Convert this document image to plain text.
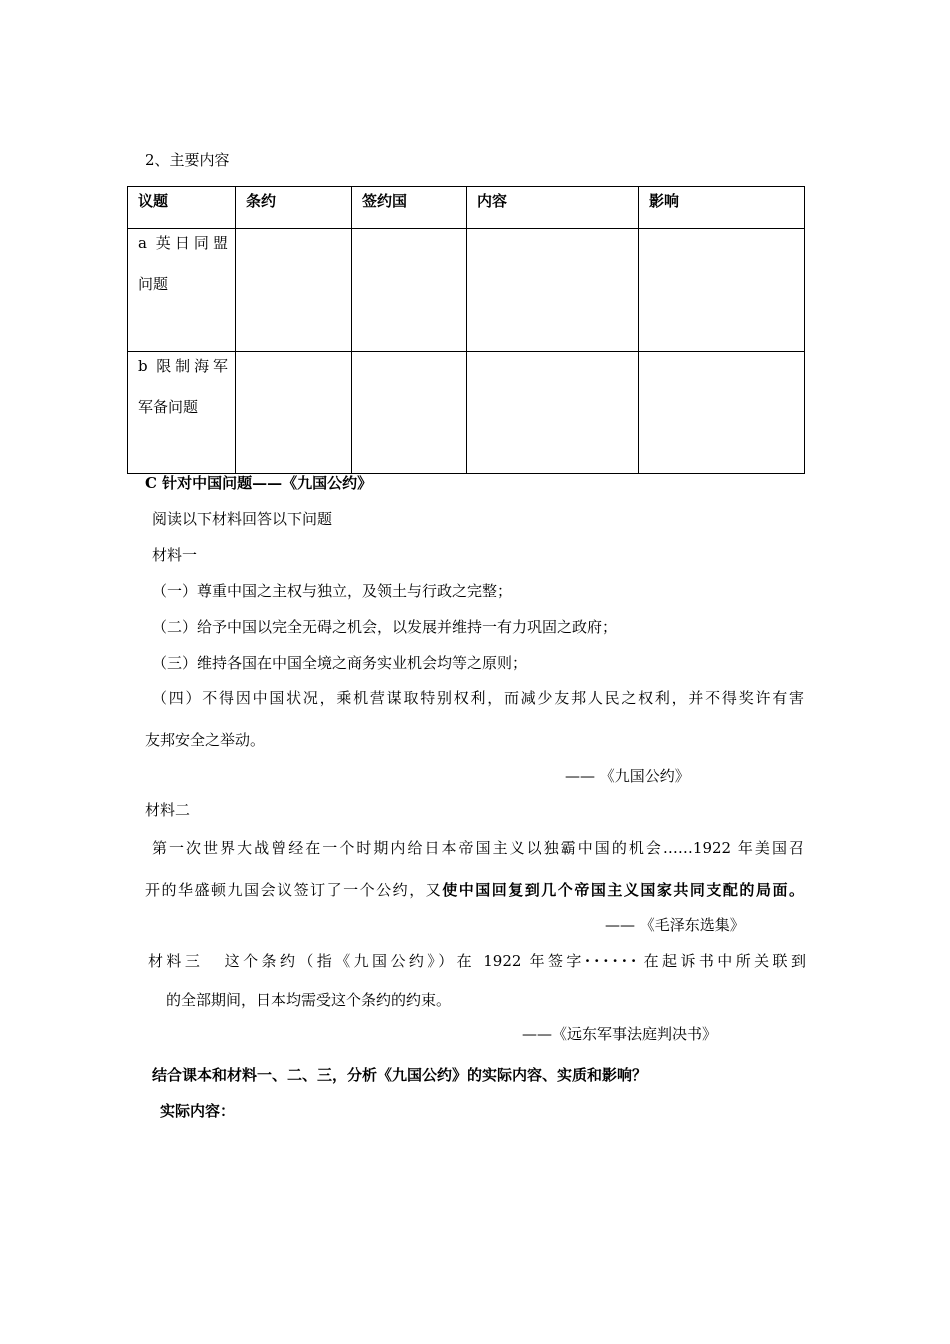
2、主要内容
议题	条约	签约国	内容	影响

a 英日同盟
问题				

b 限制海军
军备问题				

C 针对中国问题——《九国公约》
阅读以下材料回答以下问题
材料一
（一）尊重中国之主权与独立，及领土与行政之完整；
（二）给予中国以完全无碍之机会，以发展并维持一有力巩固之政府；
（三）维持各国在中国全境之商务实业机会均等之原则；
（四）不得因中国状况，乘机营谋取特别权利，而减少友邦人民之权利，并不得奖许有害
友邦安全之举动。
—— 《九国公约》
材料二
第一次世界大战曾经在一个时期内给日本帝国主义以独霸中国的机会……1922 年美国召
开的华盛顿九国会议签订了一个公约，又使中国回复到几个帝国主义国家共同支配的局面。
—— 《毛泽东选集》
材料三 这个条约（指《九国公约》）在 1922 年签字······在起诉书中所关联到
的全部期间，日本均需受这个条约的约束。
——《远东军事法庭判决书》
结合课本和材料一、二、三，分析《九国公约》的实际内容、实质和影响？
实际内容：
